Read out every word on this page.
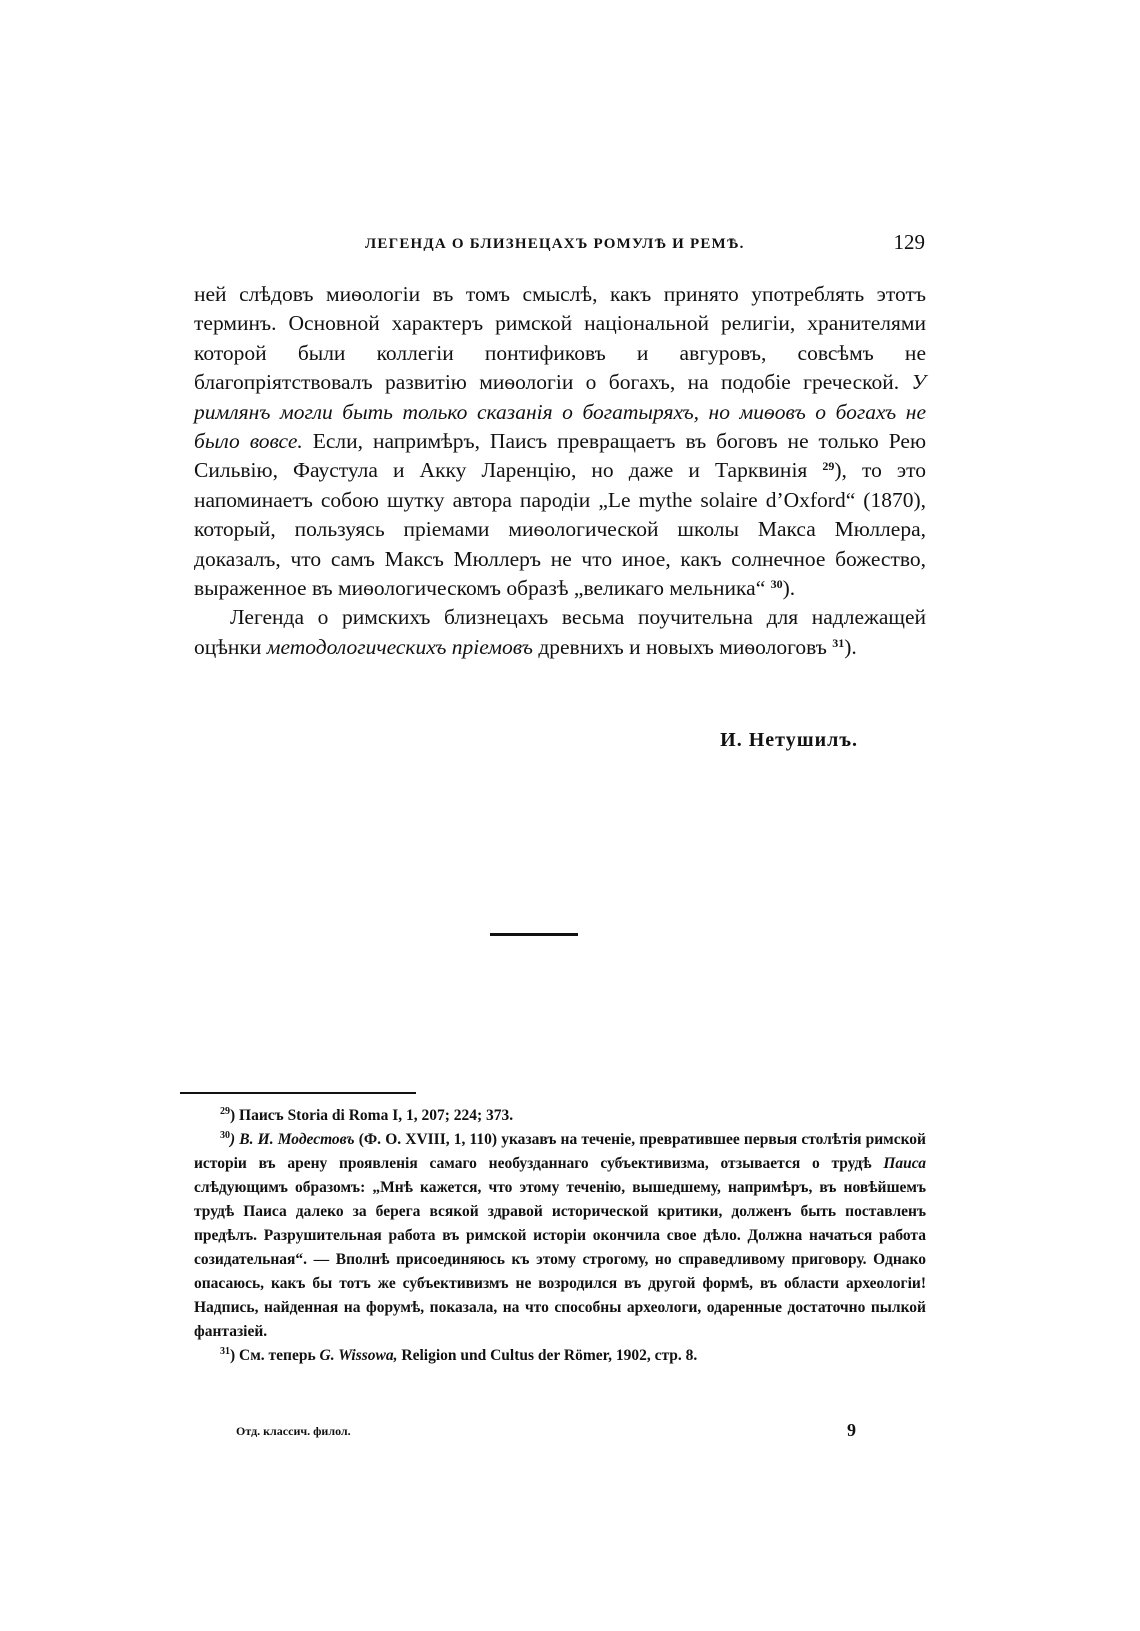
ЛЕГЕНДА О БЛИЗНЕЦАХЪ РОМУЛѢ И РЕМѢ.	129

ней слѣдовъ миѳологіи въ томъ смыслѣ, какъ принято употреблять этотъ терминъ. Основной характеръ римской національной религіи, хранителями которой были коллегіи понтификовъ и авгуровъ, совсѣмъ не благопріятствовалъ развитію миѳологіи о богахъ, на подобіе греческой. У римлянъ могли быть только сказанія о богатыряхъ, но миѳовъ о богахъ не было вовсе. Если, напримѣръ, Паисъ превращаетъ въ боговъ не только Рею Сильвію, Фаустула и Акку Ларенцію, но даже и Тарквинія $^{29}$), то это напоминаетъ собою шутку автора пародіи „Le mythe solaire d’Oxford“ (1870), который, пользуясь пріемами миѳологической школы Макса Мюллера, доказалъ, что самъ Максъ Мюллеръ не что иное, какъ солнечное божество, выраженное въ миѳологическомъ образѣ „великаго мельника“ $^{30}$).

Легенда о римскихъ близнецахъ весьма поучительна для надлежащей оцѣнки методологическихъ пріемовъ древнихъ и новыхъ миѳологовъ $^{31}$).

И. Нетушилъ.

$^{29}$) Паисъ Storia di Roma I, 1, 207; 224; 373.

$^{30}$) В. И. Модестовъ (Ф. О. XVIII, 1, 110) указавъ на теченіе, превратившее первыя столѣтія римской исторіи въ арену проявленія самаго необузданнаго субъективизма, отзывается о трудѣ Паиса слѣдующимъ образомъ: „Мнѣ кажется, что этому теченію, вышедшему, напримѣръ, въ новѣйшемъ трудѣ Паиса далеко за берега всякой здравой исторической критики, долженъ быть поставленъ предѣлъ. Разрушительная работа въ римской исторіи окончила свое дѣло. Должна начаться работа созидательная“. — Вполнѣ присоединяюсь къ этому строгому, но справедливому приговору. Однако опасаюсь, какъ бы тотъ же субъективизмъ не возродился въ другой формѣ, въ области археологіи! Надпись, найденная на форумѣ, показала, на что способны археологи, одаренные достаточно пылкой фантазіей.

$^{31}$) См. теперь G. Wissowa, Religion und Cultus der Römer, 1902, стр. 8.

Отд. классич. филол.	9
